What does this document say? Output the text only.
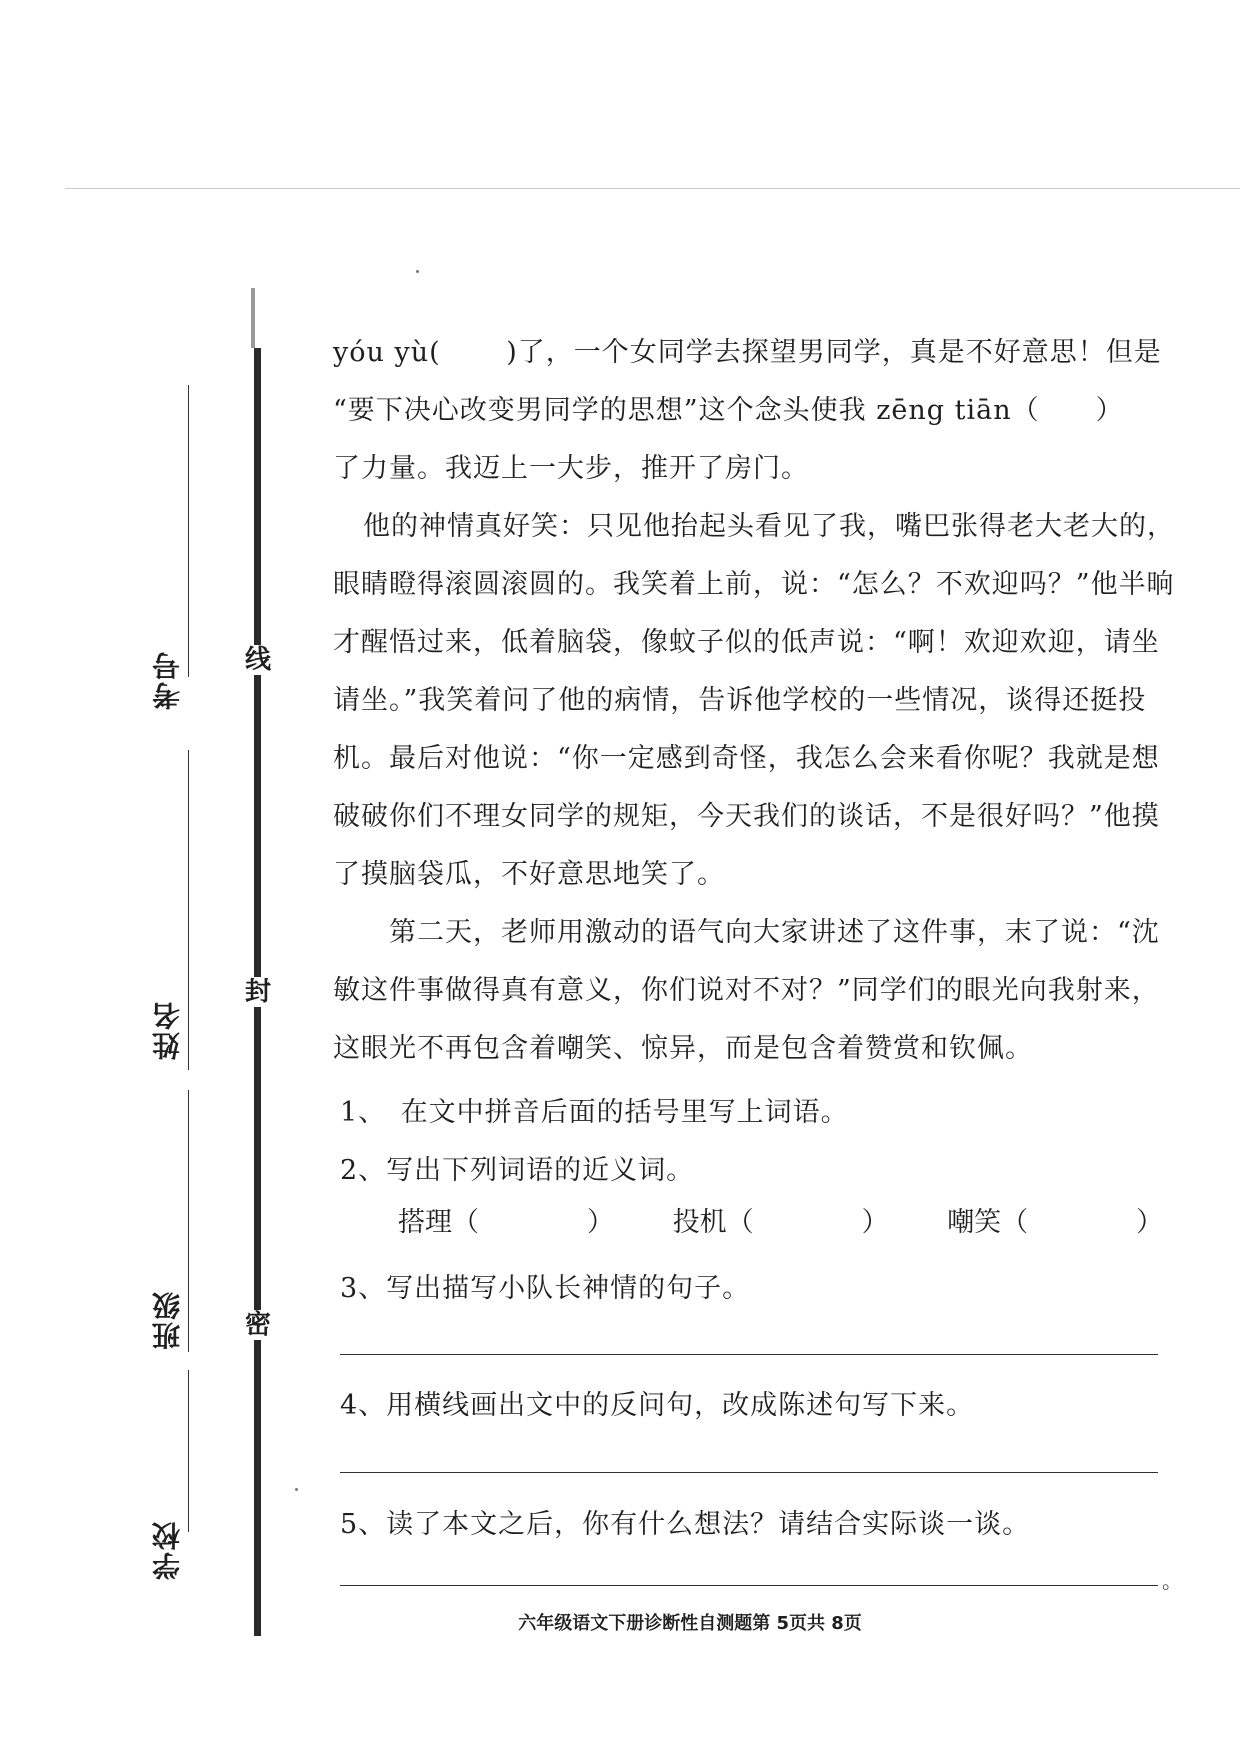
线
封
密
考号
姓名
班级
学校

yóu yù(　　 )了，一个女同学去探望男同学，真是不好意思！但是

“要下决心改变男同学的思想”这个念头使我 zēng tiān（　　）

了力量。我迈上一大步，推开了房门。

他的神情真好笑：只见他抬起头看见了我，嘴巴张得老大老大的，眼睛瞪得滚圆滚圆的。我笑着上前，说：“怎么？不欢迎吗？”他半晌才醒悟过来，低着脑袋，像蚊子似的低声说：“啊！欢迎欢迎，请坐请坐。”我笑着问了他的病情，告诉他学校的一些情况，谈得还挺投机。最后对他说：“你一定感到奇怪，我怎么会来看你呢？我就是想破破你们不理女同学的规矩，今天我们的谈话，不是很好吗？”他摸了摸脑袋瓜，不好意思地笑了。

第二天，老师用激动的语气向大家讲述了这件事，末了说：“沈敏这件事做得真有意义，你们说对不对？”同学们的眼光向我射来，这眼光不再包含着嘲笑、惊异，而是包含着赞赏和钦佩。

1、　在文中拼音后面的括号里写上词语。
2、写出下列词语的近义词。
搭理（　　　　） 投机（　　　　） 嘲笑（　　　　）
3、写出描写小队长神情的句子。
4、用横线画出文中的反问句，改成陈述句写下来。
5、读了本文之后，你有什么想法？请结合实际谈一谈。
。
六年级语文下册诊断性自测题第 5页共 8页
